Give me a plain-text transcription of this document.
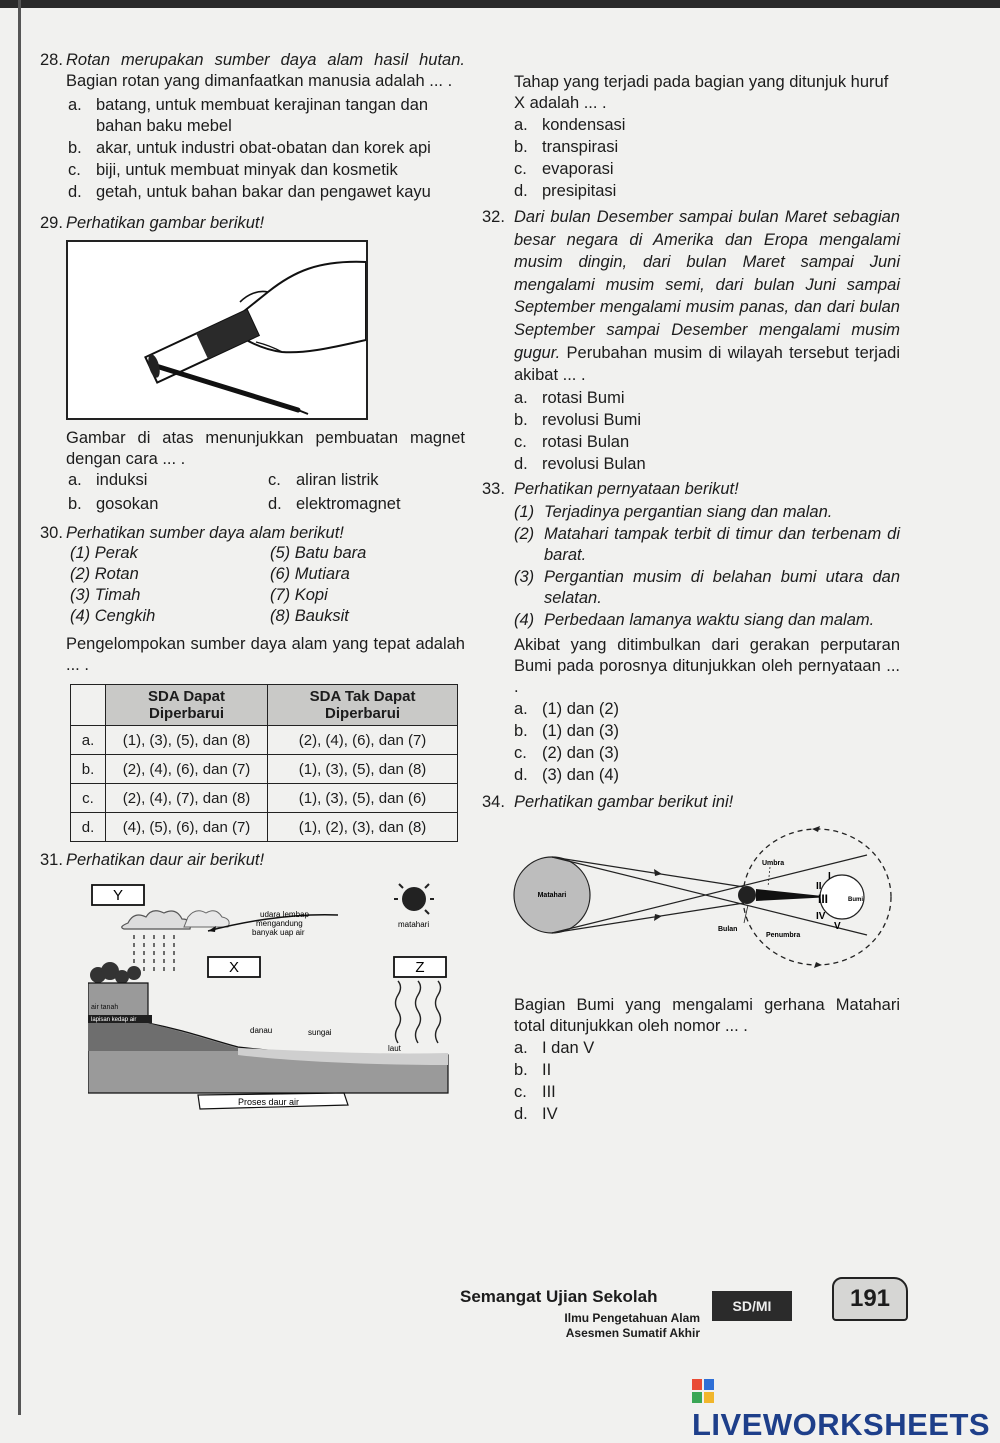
28. Rotan merupakan sumber daya alam hasil hutan. Bagian rotan yang dimanfaatkan manusia adalah ... .

a. batang, untuk membuat kerajinan tangan dan bahan baku mebel
b. akar, untuk industri obat-obatan dan korek api
c. biji, untuk membuat minyak dan kosmetik
d. getah, untuk bahan bakar dan pengawet kayu

29. Perhatikan gambar berikut!

Gambar di atas menunjukkan pembuatan magnet dengan cara ... .

a. induksi	c. aliran listrik
b. gosokan	d. elektromagnet

30. Perhatikan sumber daya alam berikut!

(1) Perak	(5) Batu bara
(2) Rotan	(6) Mutiara
(3) Timah	(7) Kopi
(4) Cengkih	(8) Bauksit

Pengelompokan sumber daya alam yang tepat adalah ... .

	SDA Dapat Diperbarui	SDA Tak Dapat Diperbarui
a.	(1), (3), (5), dan (8)	(2), (4), (6), dan (7)
b.	(2), (4), (6), dan (7)	(1), (3), (5), dan (8)
c.	(2), (4), (7), dan (8)	(1), (3), (5), dan (6)
d.	(4), (5), (6), dan (7)	(1), (2), (3), dan (8)

31. Perhatikan daur air berikut!

Y
udara lembap
mengandung
banyak uap air
matahari
X	Z
air tanah
lapisan kedap air
danau	sungai
laut
Proses daur air

Tahap yang terjadi pada bagian yang ditunjuk huruf X adalah ... .

a. kondensasi
b. transpirasi
c. evaporasi
d. presipitasi

32. Dari bulan Desember sampai bulan Maret sebagian besar negara di Amerika dan Eropa mengalami musim dingin, dari bulan Maret sampai Juni mengalami musim semi, dari bulan Juni sampai September mengalami musim panas, dan dari bulan September sampai Desember mengalami musim gugur. Perubahan musim di wilayah tersebut terjadi akibat ... .

a. rotasi Bumi
b. revolusi Bumi
c. rotasi Bulan
d. revolusi Bulan

33. Perhatikan pernyataan berikut!

(1) Terjadinya pergantian siang dan malan.
(2) Matahari tampak terbit di timur dan terbenam di barat.
(3) Pergantian musim di belahan bumi utara dan selatan.
(4) Perbedaan lamanya waktu siang dan malam.

Akibat yang ditimbulkan dari gerakan perputaran Bumi pada porosnya ditunjukkan oleh pernyataan ... .

a. (1) dan (2)
b. (1) dan (3)
c. (2) dan (3)
d. (3) dan (4)

34. Perhatikan gambar berikut ini!

Matahari
I
II
III
IV
V
Bumi
Umbra
Bulan
Penumbra

Bagian Bumi yang mengalami gerhana Matahari total ditunjukkan oleh nomor ... .

a. I dan V
b. II
c. III
d. IV
Semangat Ujian Sekolah
Ilmu Pengetahuan Alam
Asesmen Sumatif Akhir
SD/MI	191
LIVEWORKSHEETS
